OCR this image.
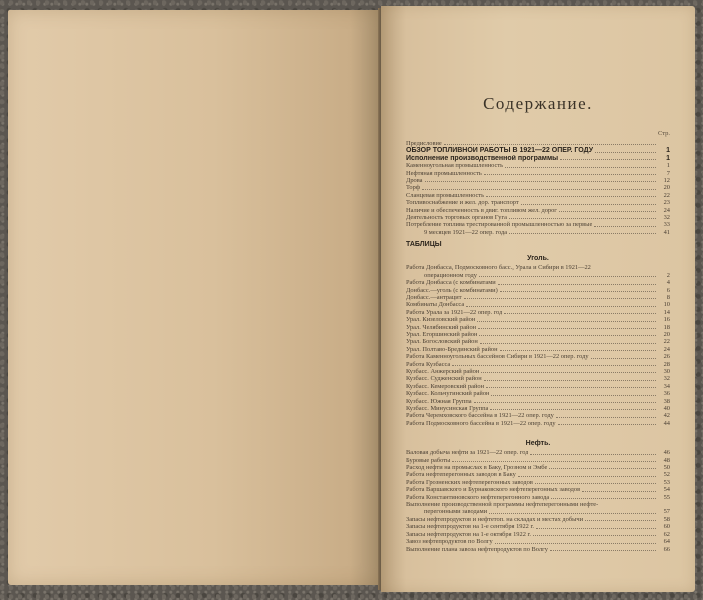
Содержание.
Стр.
Предисловие
ОБЗОР ТОПЛИВНОЙ РАБОТЫ В 1921—22 ОПЕР. ГОДУ	1
Исполнение производственной программы	1
Каменноугольная промышленность	1
Нефтяная промышленность	7
Дрова	12
Торф	20
Сланцевая промышленность	22
Топливоснабжение и жел. дор. транспорт	23
Наличие и обеспеченность в двиг. топливом жел. дорог	24
Деятельность торговых органов Гуга	32
Потребление топлива трестированной промышленностью за первые	33
9 месяцев 1921—22 опер. года	41
ТАБЛИЦЫ
Уголь.
Работа Донбасса, Подмосковного басс., Урала и Сибири в 1921—22
операционном году	2
Работа Донбасса (с комбинатами	4
Донбасс.—уголь (с комбинатами)	6
Донбасс.—антрацит	8
Комбинаты Донбасса	10
Работа Урала за 1921—22 опер. год	14
Урал. Кизеловский район	16
Урал. Челябинский район	18
Урал. Егоршинский район	20
Урал. Богословский район	22
Урал. Полтаво-Брединский район	24
Работа Каменноугольных бассейнов Сибири в 1921—22 опер. году	26
Работа Кузбасса	28
Кузбасс. Анжерский район	30
Кузбасс. Судженский район	32
Кузбасс. Кемеровский район	34
Кузбасс. Кольчугинский район	36
Кузбасс. Южная Группа	38
Кузбасс. Минусинская Группа	40
Работа Черемховского бассейна в 1921—22 опер. году	42
Работа Подмосковного бассейна в 1921—22 опер. году	44
Нефть.
Валовая добыча нефти за 1921—22 опер. год	46
Буровые работы	48
Расход нефти на промыслах в Баку, Грозном и Эмбе	50
Работа нефтеперегонных заводов в Баку	52
Работа Грозненских нефтеперегонных заводов	53
Работа Варшавского и Бурнаковского нефтеперегонных заводов	54
Работа Константиновского нефтеперегонного завода	55
Выполнение производственной программы нефтеперегонными нефте-
перегонными заводами	57
Запасы нефтепродуктов и нефтетоп. на складах и местах добычи	58
Запасы нефтепродуктов на 1-е сентября 1922 г.	60
Запасы нефтепродуктов на 1-е октября 1922 г.	62
Завоз нефтепродуктов по Волгу	64
Выполнение плана завоза нефтепродуктов по Волгу	66
